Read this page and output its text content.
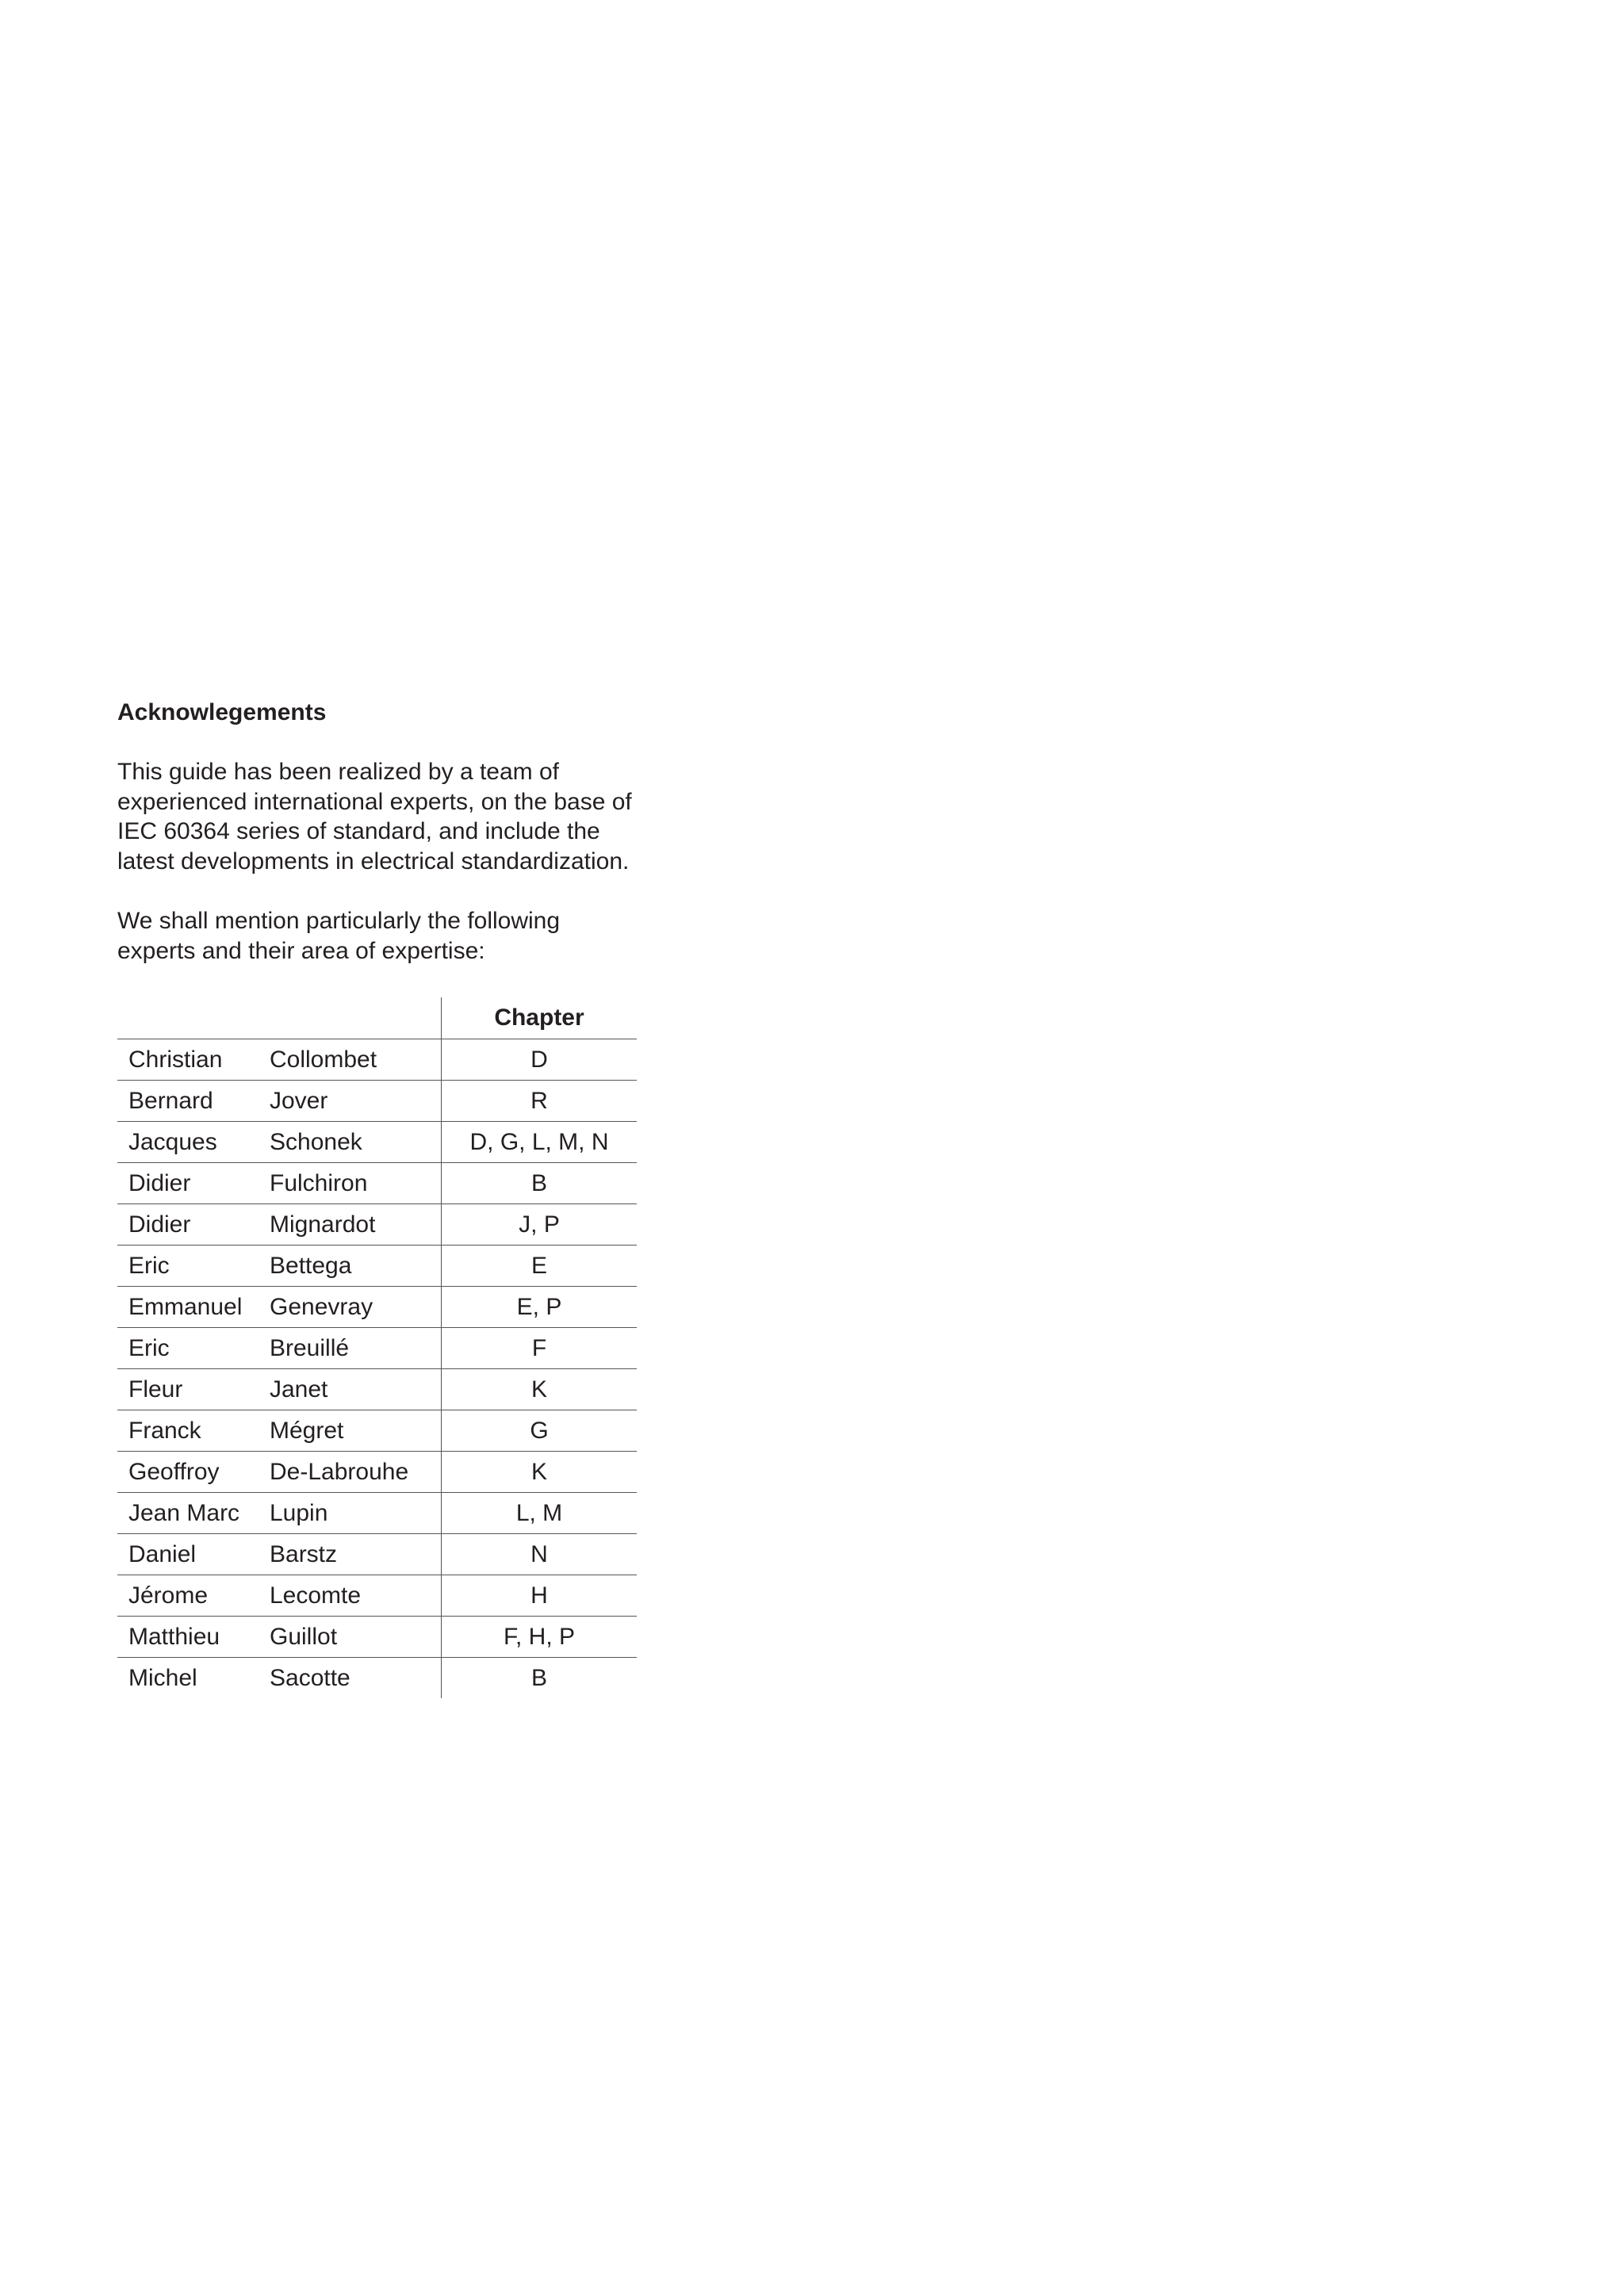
Acknowlegements

This guide has been realized by a team of experienced international experts, on the base of IEC 60364 series of standard, and include the latest developments in electrical standardization.

We shall mention particularly the following experts and their area of expertise:

		Chapter
Christian	Collombet	D
Bernard	Jover	R
Jacques	Schonek	D, G, L, M, N
Didier	Fulchiron	B
Didier	Mignardot	J, P
Eric	Bettega	E
Emmanuel	Genevray	E, P
Eric	Breuillé	F
Fleur	Janet	K
Franck	Mégret	G
Geoffroy	De-Labrouhe	K
Jean Marc	Lupin	L, M
Daniel	Barstz	N
Jérome	Lecomte	H
Matthieu	Guillot	F, H, P
Michel	Sacotte	B
